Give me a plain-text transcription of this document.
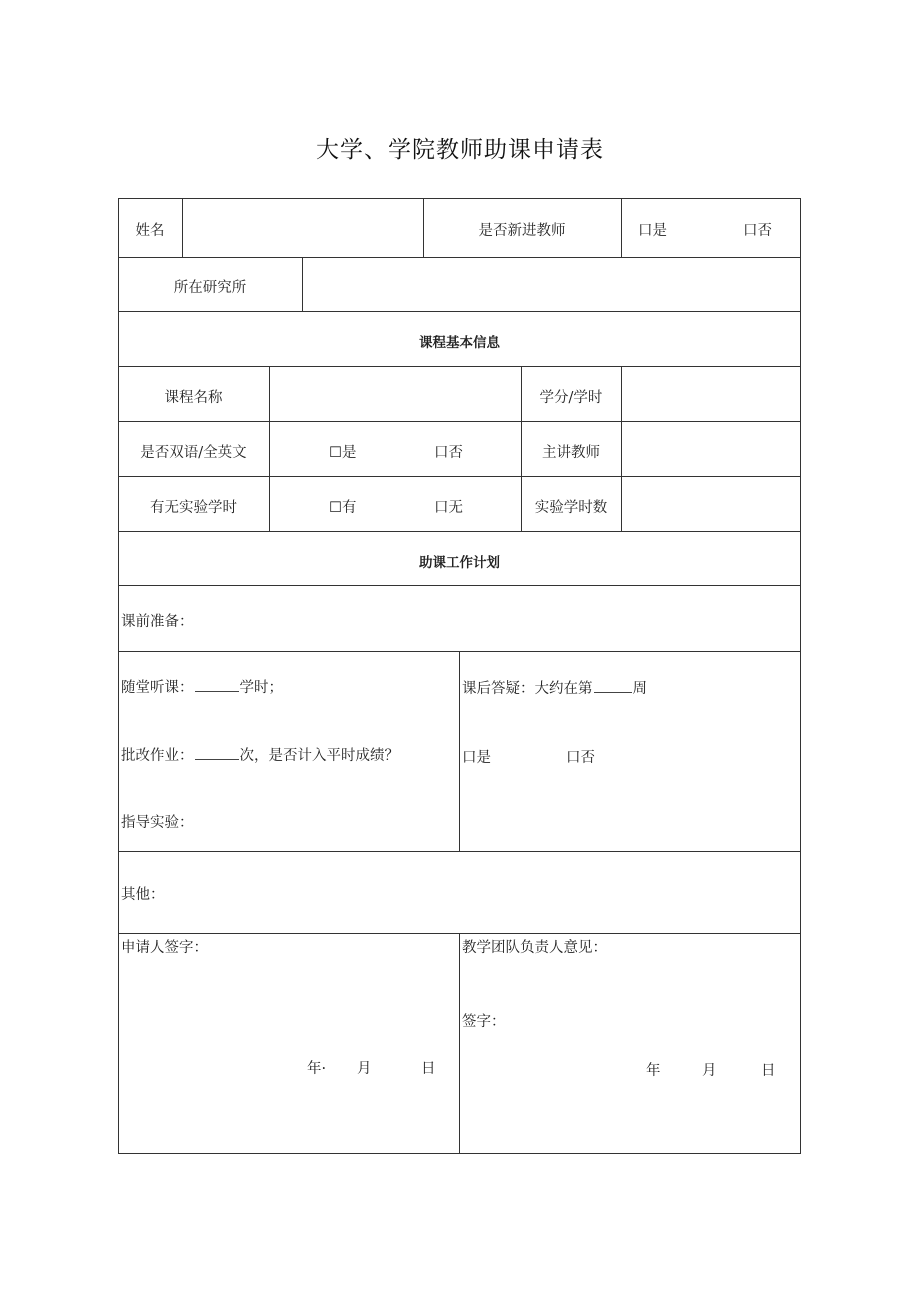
大学、学院教师助课申请表
姓名	是否新进教师	口是	口否
所在研究所
课程基本信息
课程名称	学分/学时
是否双语/全英文	☐是	口否	主讲教师
有无实验学时	☐有	口无	实验学时数
助课工作计划
课前准备：
随堂听课：	学时；
批改作业：	次，是否计入平时成绩？
指导实验：
课后答疑：大约在第	周
口是	口否
其他：
申请人签字：
年· 月	日
教学团队负责人意见：
签字：
年	月	日
